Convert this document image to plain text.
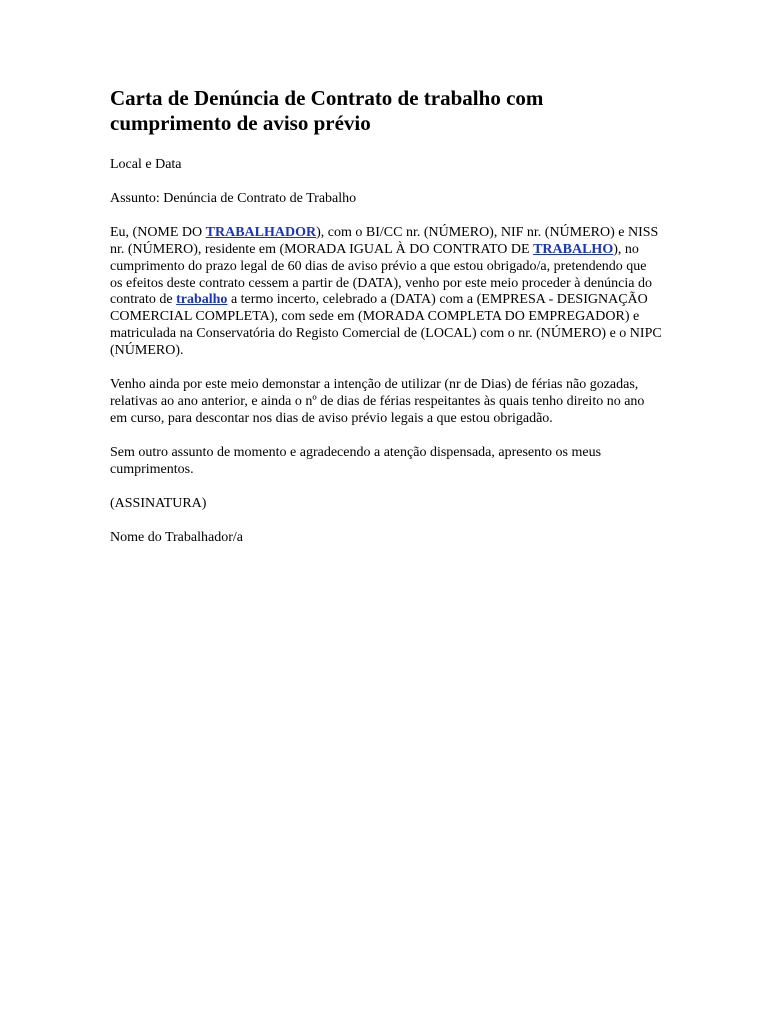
Carta de Denúncia de Contrato de trabalho com cumprimento de aviso prévio

Local e Data

Assunto: Denúncia de Contrato de Trabalho

Eu, (NOME DO TRABALHADOR), com o BI/CC nr. (NÚMERO), NIF nr. (NÚMERO) e NISS nr. (NÚMERO), residente em (MORADA IGUAL À DO CONTRATO DE TRABALHO), no cumprimento do prazo legal de 60 dias de aviso prévio a que estou obrigado/a, pretendendo que os efeitos deste contrato cessem a partir de (DATA), venho por este meio proceder à denúncia do contrato de trabalho a termo incerto, celebrado a (DATA) com a (EMPRESA - DESIGNAÇÃO COMERCIAL COMPLETA), com sede em (MORADA COMPLETA DO EMPREGADOR) e matriculada na Conservatória do Registo Comercial de (LOCAL) com o nr. (NÚMERO) e o NIPC (NÚMERO).

Venho ainda por este meio demonstar a intenção de utilizar (nr de Dias) de férias não gozadas, relativas ao ano anterior, e ainda o nº de dias de férias respeitantes às quais tenho direito no ano em curso, para descontar nos dias de aviso prévio legais a que estou obrigadão.

Sem outro assunto de momento e agradecendo a atenção dispensada, apresento os meus cumprimentos.

(ASSINATURA)

Nome do Trabalhador/a
